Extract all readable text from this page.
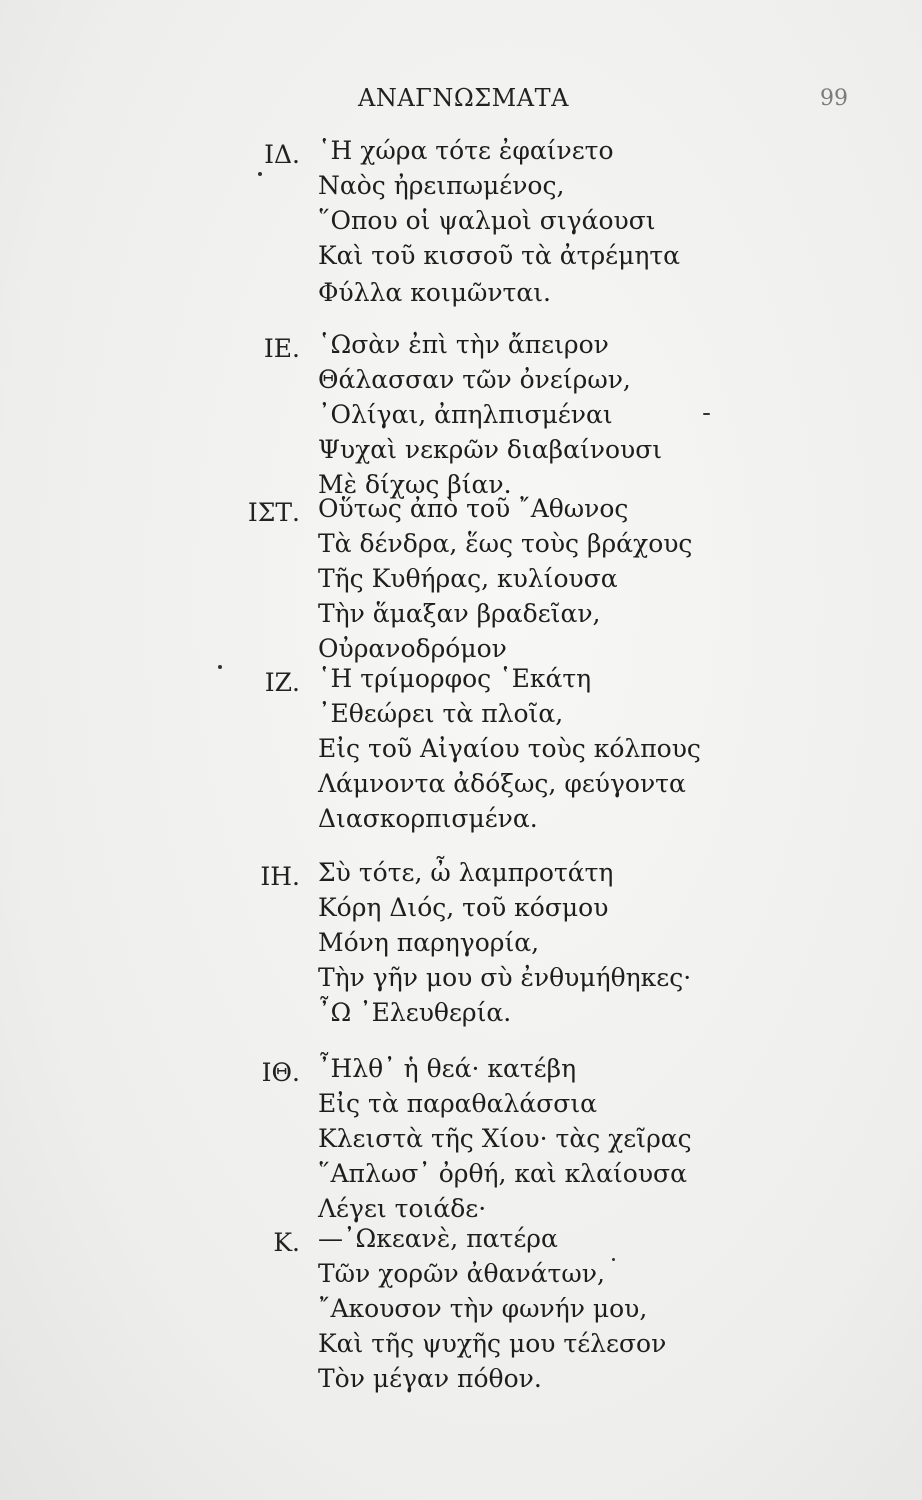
ΑΝΑΓΝΩΣΜΑΤΑ	99
ΙΔ. ῾Η χώρα τότε ἐφαίνετο
Ναὸς ἠρειπωμένος,
῞Οπου οἱ ψαλμοὶ σιγάουσι
Καὶ τοῦ κισσοῦ τὰ ἀτρέμητα
Φύλλα κοιμῶνται.
ΙΕ. ῾Ωσὰν ἐπὶ τὴν ἄπειρον
Θάλασσαν τῶν ὀνείρων,
᾿Ολίγαι, ἀπηλπισμέναι
Ψυχαὶ νεκρῶν διαβαίνουσι
Μὲ δίχως βίαν.
ΙΣΤ. Οὕτως ἀπὸ τοῦ ῎Αθωνος
Τὰ δένδρα, ἕως τοὺς βράχους
Τῆς Κυθήρας, κυλίουσα
Τὴν ἅμαξαν βραδεῖαν,
Οὐρανοδρόμον
ΙΖ. ῾Η τρίμορφος ῾Εκάτη
᾿Εθεώρει τὰ πλοῖα,
Εἰς τοῦ Αἰγαίου τοὺς κόλπους
Λάμνοντα ἀδόξως, φεύγοντα
Διασκορπισμένα.
ΙΗ. Σὺ τότε, ὦ λαμπροτάτη
Κόρη Διός, τοῦ κόσμου
Μόνη παρηγορία,
Τὴν γῆν μου σὺ ἐνθυμήθηκες·
῏Ω ᾿Ελευθερία.
ΙΘ. ῏Ηλθ᾿ ἡ θεά· κατέβη
Εἰς τὰ παραθαλάσσια
Κλειστὰ τῆς Χίου· τὰς χεῖρας
῞Απλωσ᾿ ὀρθή, καὶ κλαίουσα
Λέγει τοιάδε·
Κ. —᾿Ωκεανὲ, πατέρα
Τῶν χορῶν ἀθανάτων,
῎Ακουσον τὴν φωνήν μου,
Καὶ τῆς ψυχῆς μου τέλεσον
Τὸν μέγαν πόθον.
